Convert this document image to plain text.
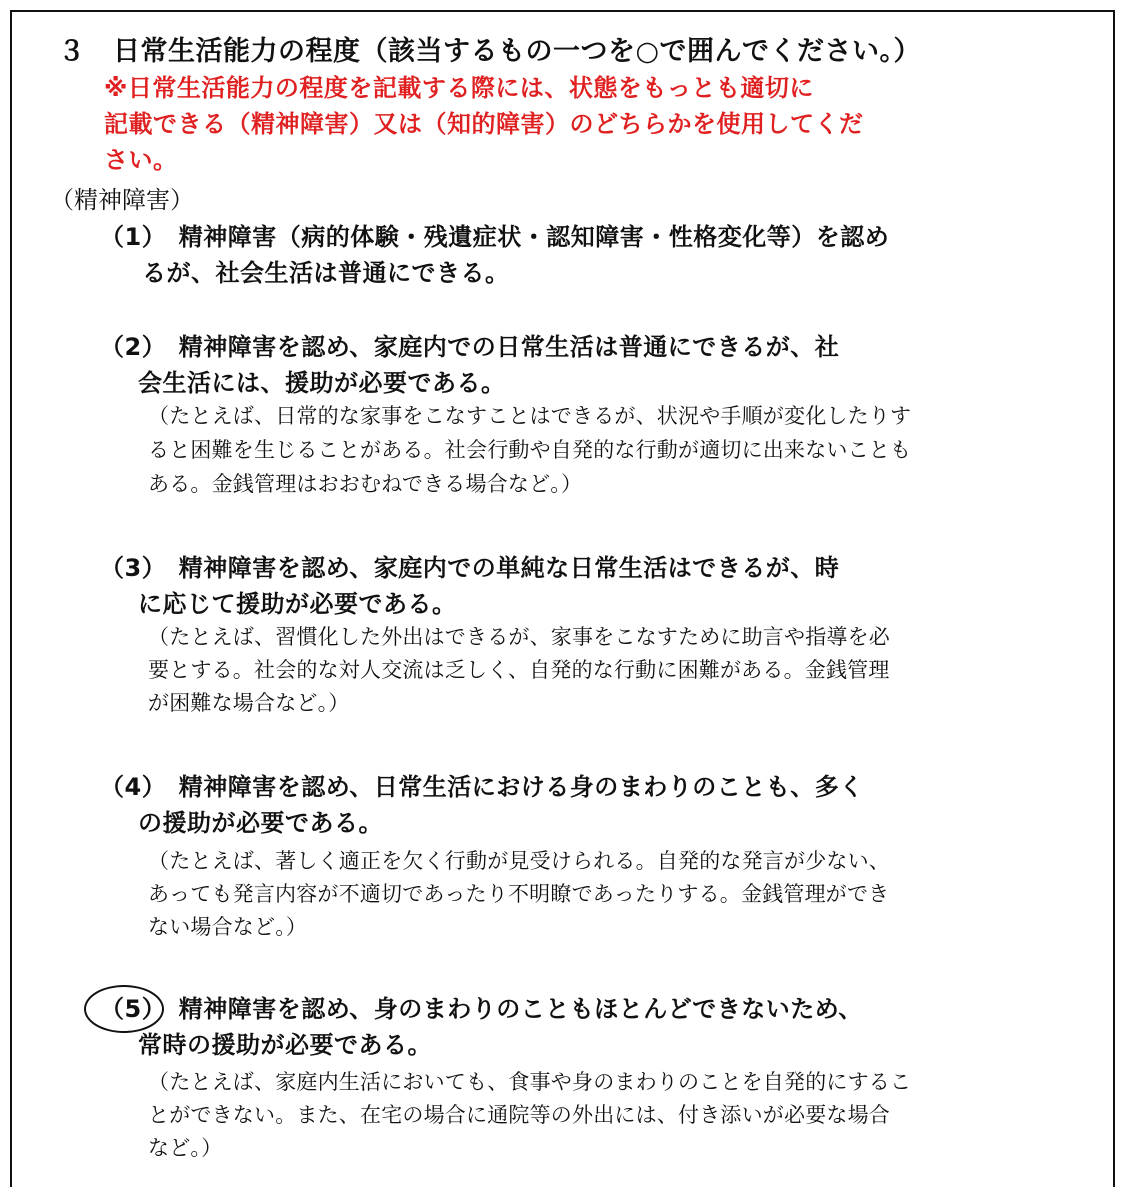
３　日常生活能力の程度（該当するもの一つを○で囲んでください。）
※日常生活能力の程度を記載する際には、状態をもっとも適切に
記載できる（精神障害）又は（知的障害）のどちらかを使用してくだ
さい。
（精神障害）
（1）　精神障害（病的体験・残遺症状・認知障害・性格変化等）を認め
るが、社会生活は普通にできる。
（2）　精神障害を認め、家庭内での日常生活は普通にできるが、社
会生活には、援助が必要である。
（たとえば、日常的な家事をこなすことはできるが、状況や手順が変化したりす
ると困難を生じることがある。社会行動や自発的な行動が適切に出来ないことも
ある。金銭管理はおおむねできる場合など。）
（3）　精神障害を認め、家庭内での単純な日常生活はできるが、時
に応じて援助が必要である。
（たとえば、習慣化した外出はできるが、家事をこなすために助言や指導を必
要とする。社会的な対人交流は乏しく、自発的な行動に困難がある。金銭管理
が困難な場合など。）
（4）　精神障害を認め、日常生活における身のまわりのことも、多く
の援助が必要である。
（たとえば、著しく適正を欠く行動が見受けられる。自発的な発言が少ない、
あっても発言内容が不適切であったり不明瞭であったりする。金銭管理ができ
ない場合など。）
（5）　精神障害を認め、身のまわりのこともほとんどできないため、
常時の援助が必要である。
（たとえば、家庭内生活においても、食事や身のまわりのことを自発的にするこ
とができない。また、在宅の場合に通院等の外出には、付き添いが必要な場合
など。）
